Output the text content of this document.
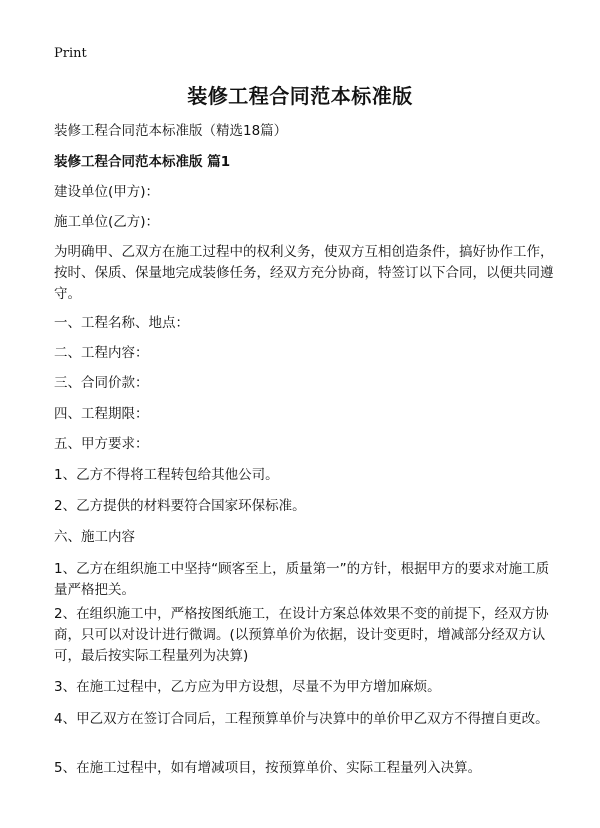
Print
装修工程合同范本标准版
装修工程合同范本标准版（精选18篇）
装修工程合同范本标准版 篇1
建设单位(甲方)：
施工单位(乙方)：
为明确甲、乙双方在施工过程中的权利义务，使双方互相创造条件，搞好协作工作，按时、保质、保量地完成装修任务，经双方充分协商，特签订以下合同，以便共同遵守。
一、工程名称、地点：
二、工程内容：
三、合同价款：
四、工程期限：
五、甲方要求：
1、乙方不得将工程转包给其他公司。
2、乙方提供的材料要符合国家环保标准。
六、施工内容
1、乙方在组织施工中坚持“顾客至上，质量第一”的方针，根据甲方的要求对施工质量严格把关。
2、在组织施工中，严格按图纸施工，在设计方案总体效果不变的前提下，经双方协商，只可以对设计进行微调。(以预算单价为依据，设计变更时，增减部分经双方认可，最后按实际工程量列为决算)
3、在施工过程中，乙方应为甲方设想，尽量不为甲方增加麻烦。
4、甲乙双方在签订合同后，工程预算单价与决算中的单价甲乙双方不得擅自更改。
5、在施工过程中，如有增减项目，按预算单价、实际工程量列入决算。
